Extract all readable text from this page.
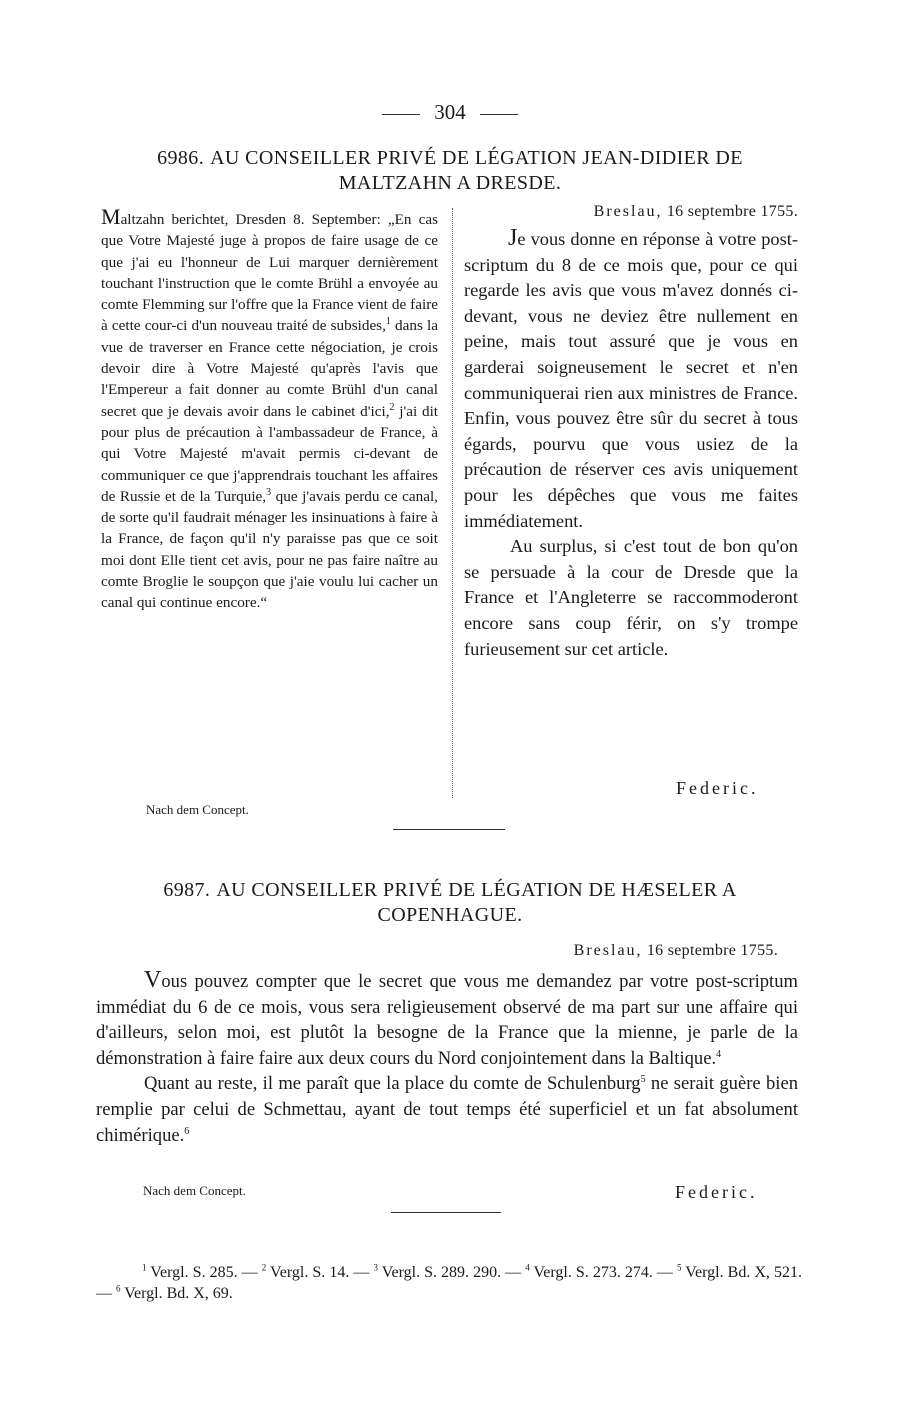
304
6986. AU CONSEILLER PRIVÉ DE LÉGATION JEAN-DIDIER DE MALTZAHN A DRESDE.
Maltzahn berichtet, Dresden 8. September: „En cas que Votre Majesté juge à propos de faire usage de ce que j'ai eu l'honneur de Lui marquer dernièrement touchant l'instruction que le comte Brühl a envoyée au comte Flemming sur l'offre que la France vient de faire à cette cour-ci d'un nouveau traité de subsides,$^1$ dans la vue de traverser en France cette négociation, je crois devoir dire à Votre Majesté qu'après l'avis que l'Empereur a fait donner au comte Brühl d'un canal secret que je devais avoir dans le cabinet d'ici,$^2$ j'ai dit pour plus de précaution à l'ambassadeur de France, à qui Votre Majesté m'avait permis ci-devant de communiquer ce que j'apprendrais touchant les affaires de Russie et de la Turquie,$^3$ que j'avais perdu ce canal, de sorte qu'il faudrait ménager les insinuations à faire à la France, de façon qu'il n'y paraisse pas que ce soit moi dont Elle tient cet avis, pour ne pas faire naître au comte Broglie le soupçon que j'aie voulu lui cacher un canal qui continue encore.“
Breslau, 16 septembre 1755.

Je vous donne en réponse à votre post-scriptum du 8 de ce mois que, pour ce qui regarde les avis que vous m'avez donnés ci-devant, vous ne deviez être nullement en peine, mais tout assuré que je vous en garderai soigneusement le secret et n'en communiquerai rien aux ministres de France. Enfin, vous pouvez être sûr du secret à tous égards, pourvu que vous usiez de la précaution de réserver ces avis uniquement pour les dépêches que vous me faites immédiatement.

Au surplus, si c'est tout de bon qu'on se persuade à la cour de Dresde que la France et l'Angleterre se raccommoderont encore sans coup férir, on s'y trompe furieusement sur cet article.

Federic.
Nach dem Concept.
6987. AU CONSEILLER PRIVÉ DE LÉGATION DE HÆSELER A COPENHAGUE.
Breslau, 16 septembre 1755.

Vous pouvez compter que le secret que vous me demandez par votre post-scriptum immédiat du 6 de ce mois, vous sera religieusement observé de ma part sur une affaire qui d'ailleurs, selon moi, est plutôt la besogne de la France que la mienne, je parle de la démonstration à faire faire aux deux cours du Nord conjointement dans la Baltique.$^4$

Quant au reste, il me paraît que la place du comte de Schulenburg$^5$ ne serait guère bien remplie par celui de Schmettau, ayant de tout temps été superficiel et un fat absolument chimérique.$^6$

Nach dem Concept.	Federic.
$^1$ Vergl. S. 285. — $^2$ Vergl. S. 14. — $^3$ Vergl. S. 289. 290. — $^4$ Vergl. S. 273. 274. — $^5$ Vergl. Bd. X, 521. — $^6$ Vergl. Bd. X, 69.
